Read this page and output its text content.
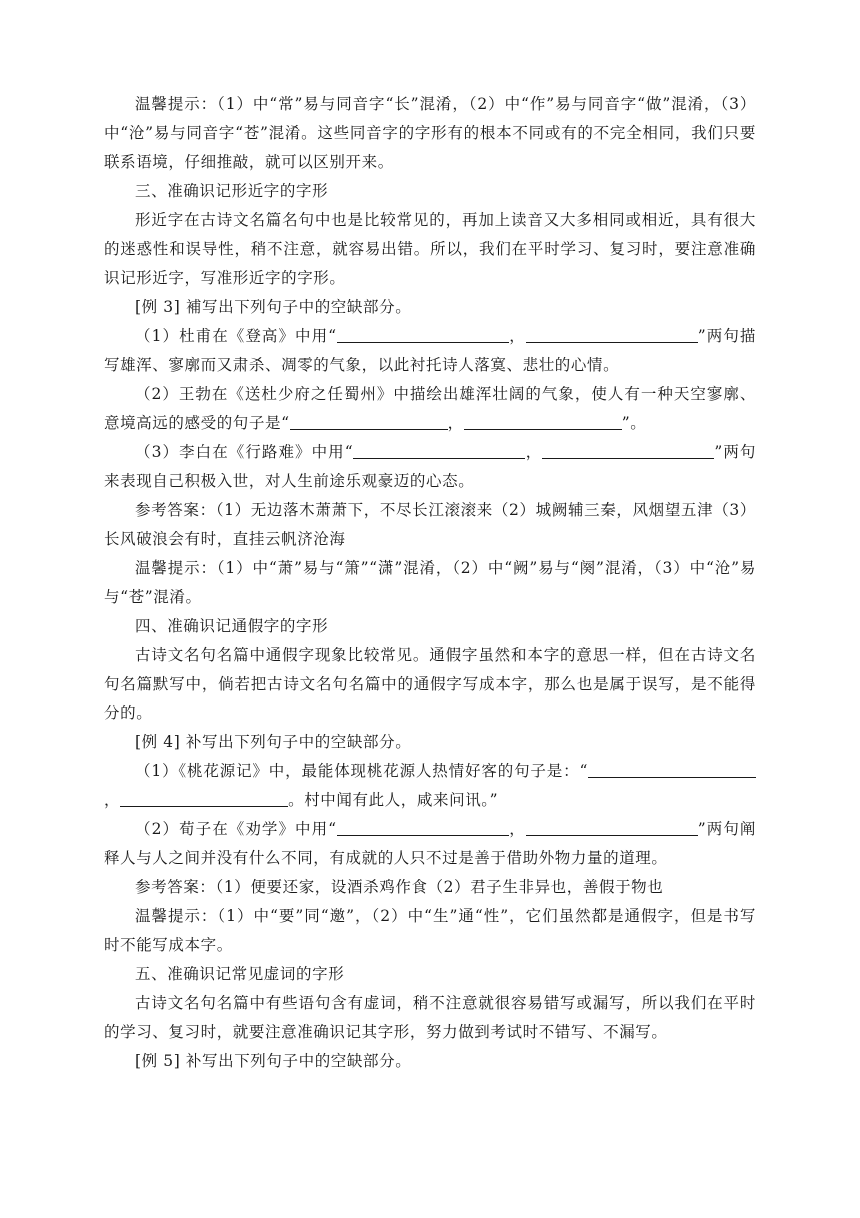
温馨提示：（1）中“常”易与同音字“长”混淆，（2）中“作”易与同音字“做”混淆，（3）中“沧”易与同音字“苍”混淆。这些同音字的字形有的根本不同或有的不完全相同，我们只要联系语境，仔细推敲，就可以区别开来。

三、准确识记形近字的字形

形近字在古诗文名篇名句中也是比较常见的，再加上读音又大多相同或相近，具有很大的迷惑性和误导性，稍不注意，就容易出错。所以，我们在平时学习、复习时，要注意准确识记形近字，写准形近字的字形。

[例 3] 補写出下列句子中的空缺部分。

（1）杜甫在《登高》中用“	，	”两句描写雄浑、寥廓而又肃杀、凋零的气象，以此衬托诗人落寞、悲壮的心情。

（2）王勃在《送杜少府之任蜀州》中描绘出雄浑壮阔的气象，使人有一种天空寥廓、意境高远的感受的句子是“	，	”。

（3）李白在《行路难》中用“	，	”两句来表现自己积极入世，对人生前途乐观豪迈的心态。

参考答案：（1）无边落木萧萧下，不尽长江滚滚来（2）城阙辅三秦，风烟望五津（3）长风破浪会有时，直挂云帆济沧海

温馨提示：（1）中“萧”易与“箫”“潇”混淆，（2）中“阙”易与“阕”混淆，（3）中“沧”易与“苍”混淆。

四、准确识记通假字的字形

古诗文名句名篇中通假字现象比较常见。通假字虽然和本字的意思一样，但在古诗文名句名篇默写中，倘若把古诗文名句名篇中的通假字写成本字，那么也是属于误写，是不能得分的。

[例 4] 补写出下列句子中的空缺部分。

（1）《桃花源记》中，最能体现桃花源人热情好客的句子是：“，	。村中闻有此人，咸来问讯。”

（2）荀子在《劝学》中用“	，	”两句阐释人与人之间并没有什么不同，有成就的人只不过是善于借助外物力量的道理。

参考答案：（1）便要还家，设酒杀鸡作食（2）君子生非异也，善假于物也

温馨提示：（1）中“要”同“邀”，（2）中“生”通“性”，它们虽然都是通假字，但是书写时不能写成本字。

五、准确识记常见虚词的字形

古诗文名句名篇中有些语句含有虚词，稍不注意就很容易错写或漏写，所以我们在平时的学习、复习时，就要注意准确识记其字形，努力做到考试时不错写、不漏写。

[例 5] 补写出下列句子中的空缺部分。
